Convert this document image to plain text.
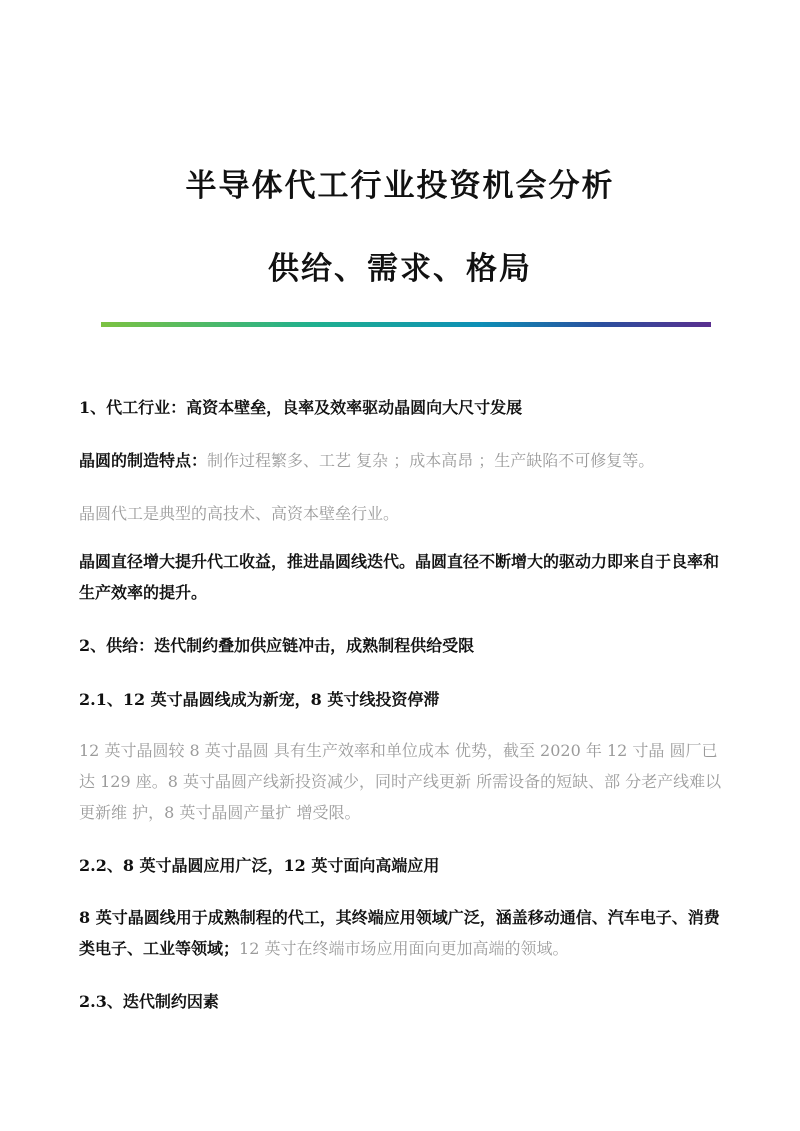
半导体代工行业投资机会分析
供给、需求、格局

1、代工行业：高资本壁垒，良率及效率驱动晶圆向大尺寸发展

晶圆的制造特点：制作过程繁多、工艺 复杂 ；成本高昂 ；生产缺陷不可修复等。

晶圆代工是典型的高技术、高资本壁垒行业。

晶圆直径增大提升代工收益，推进晶圆线迭代。晶圆直径不断增大的驱动力即来自于良率和生产效率的提升。

2、供给：迭代制约叠加供应链冲击，成熟制程供给受限

2.1、12 英寸晶圆线成为新宠，8 英寸线投资停滞

12 英寸晶圆较 8 英寸晶圆 具有生产效率和单位成本 优势，截至 2020 年 12 寸晶 圆厂已达 129 座。8 英寸晶圆产线新投资减少，同时产线更新 所需设备的短缺、部 分老产线难以更新维 护，8 英寸晶圆产量扩 增受限。

2.2、8 英寸晶圆应用广泛，12 英寸面向高端应用

8 英寸晶圆线用于成熟制程的代工，其终端应用领域广泛，涵盖移动通信、汽车电子、消费类电子、工业等领域；12 英寸在终端市场应用面向更加高端的领域。

2.3、迭代制约因素
